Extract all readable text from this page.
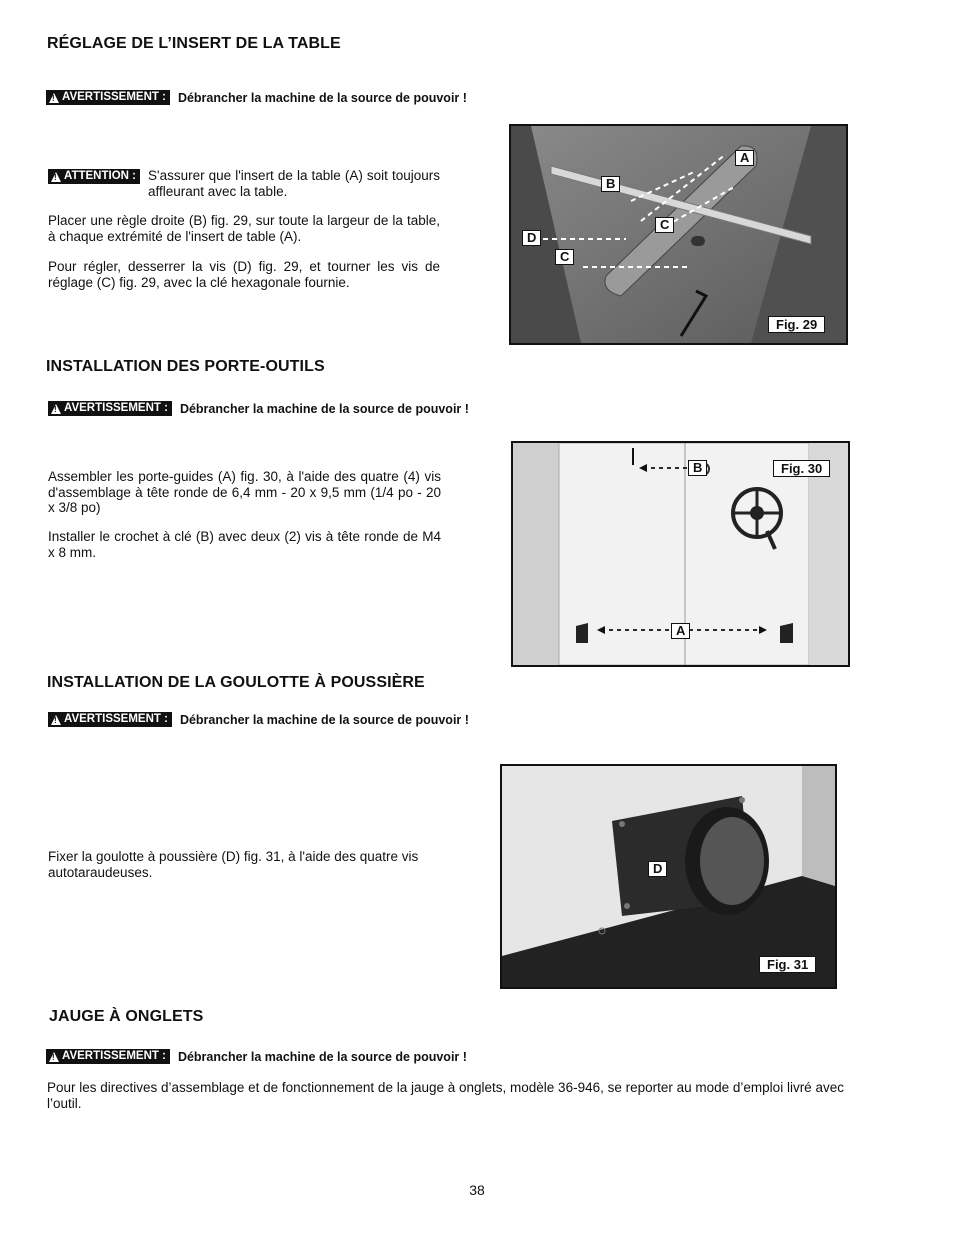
RÉGLAGE DE L’INSERT DE LA TABLE
!
AVERTISSEMENT : Débrancher la machine de la source de pouvoir !

!
ATTENTION : S'assurer que l'insert de la table (A) soit toujours affleurant avec la table.

Placer une règle droite (B) fig. 29, sur toute la largeur de la table, à chaque extrémité de l'insert de table (A).

Pour régler, desserrer la vis (D) fig. 29, et tourner les vis de réglage (C) fig. 29, avec la clé hexagonale fournie.

A
B
C
D
C
Fig. 29
INSTALLATION DES PORTE-OUTILS
!
AVERTISSEMENT : Débrancher la machine de la source de pouvoir !

Assembler les porte-guides (A) fig. 30, à l'aide des quatre (4) vis d'assemblage à tête ronde de 6,4 mm - 20 x 9,5 mm (1/4 po - 20 x 3/8 po)

Installer le crochet à clé (B) avec deux (2) vis à tête ronde de M4 x 8 mm.

B
A
Fig. 30
INSTALLATION DE LA GOULOTTE À POUSSIÈRE
!
AVERTISSEMENT : Débrancher la machine de la source de pouvoir !

Fixer la goulotte à poussière (D) fig. 31, à l'aide des quatre vis autotaraudeuses.	D
Fig. 31
JAUGE À ONGLETS
!
AVERTISSEMENT : Débrancher la machine de la source de pouvoir !

Pour les directives d’assemblage et de fonctionnement de la jauge à onglets, modèle 36-946, se reporter au mode d’emploi livré avec l’outil.

38
